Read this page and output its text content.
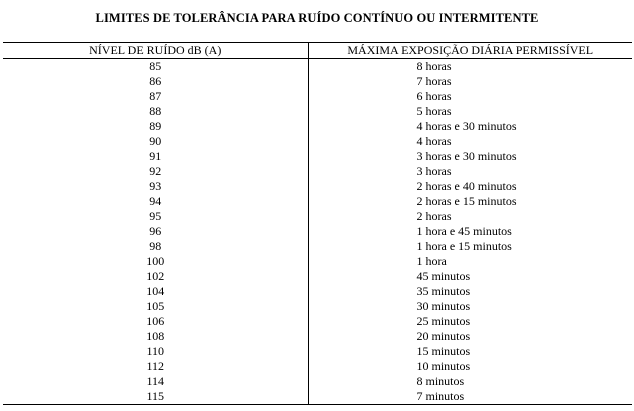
LIMITES DE TOLERÂNCIA PARA RUÍDO CONTÍNUO OU INTERMITENTE
NÍVEL DE RUÍDO dB (A)	MÁXIMA EXPOSIÇÃO DIÁRIA PERMISSÍVEL
85	8 horas
86	7 horas
87	6 horas
88	5 horas
89	4 horas e 30 minutos
90	4 horas
91	3 horas e 30 minutos
92	3 horas
93	2 horas e 40 minutos
94	2 horas e 15 minutos
95	2 horas
96	1 hora e 45 minutos
98	1 hora e 15 minutos
100	1 hora
102	45 minutos
104	35 minutos
105	30 minutos
106	25 minutos
108	20 minutos
110	15 minutos
112	10 minutos
114	8 minutos
115	7 minutos
